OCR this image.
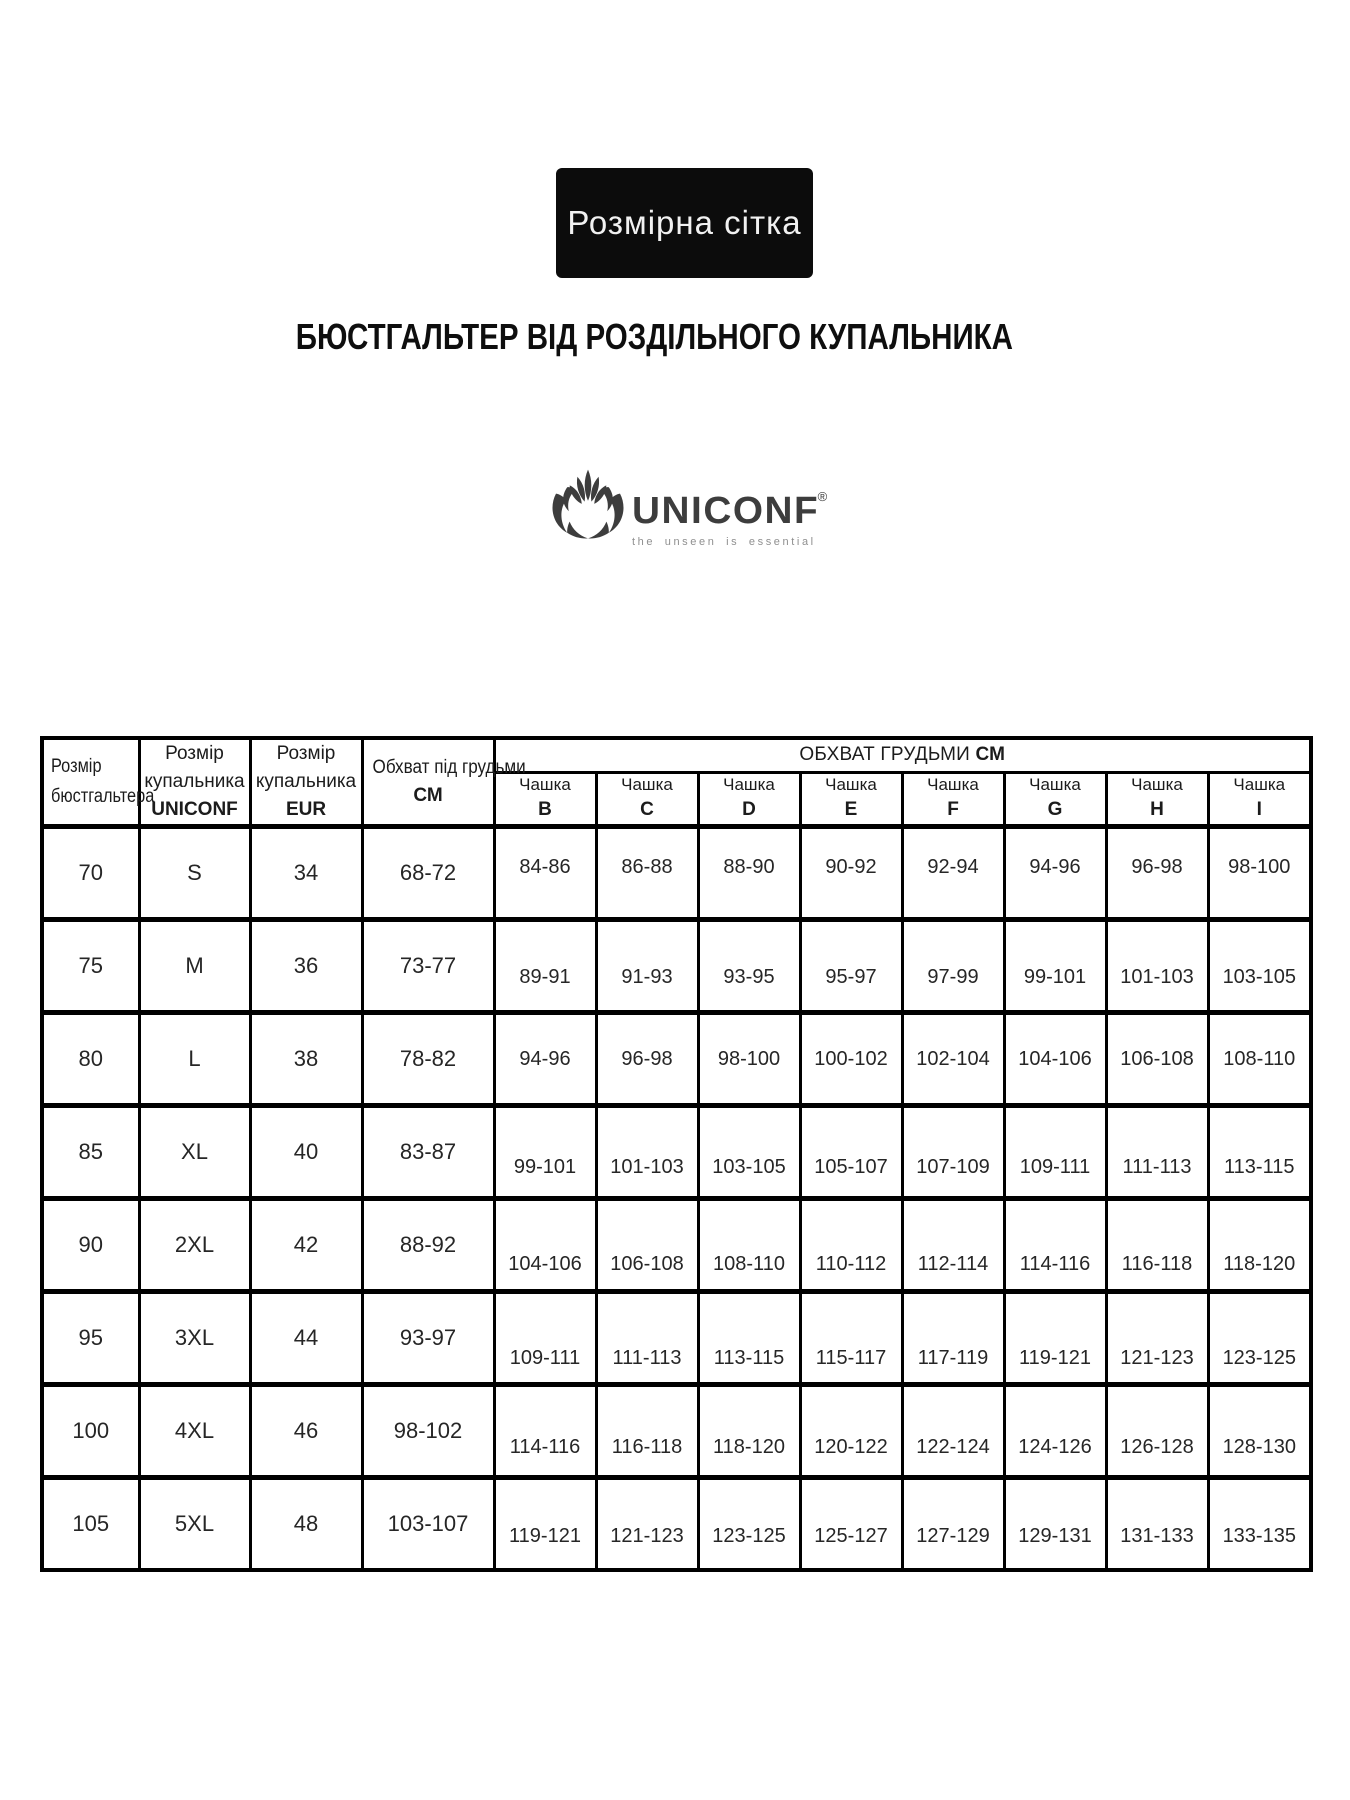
Розмірна сітка
БЮСТГАЛЬТЕР ВІД РОЗДІЛЬНОГО КУПАЛЬНИКА
UNICONF
®
the unseen is essential
Розмір
бюстгальтера

Розмір
купальника
UNICONF

Розмір
купальника
EUR
	Обхват під грудьми
СМ
	ОБХВАТ ГРУДЬМИ СМ

Чашка
B

Чашка
C

Чашка
D

Чашка
E

Чашка
F

Чашка
G

Чашка
H

Чашка
I

70	S	34	68-72	84-86	86-88	88-90	90-92	92-94	94-96	96-98	98-100
75	M	36	73-77	89-91	91-93	93-95	95-97	97-99	99-101	101-103	103-105
80	L	38	78-82	94-96	96-98	98-100	100-102	102-104	104-106	106-108	108-110
85	XL	40	83-87	99-101	101-103	103-105	105-107	107-109	109-111	111-113	113-115
90	2XL	42	88-92	104-106	106-108	108-110	110-112	112-114	114-116	116-118	118-120
95	3XL	44	93-97	109-111	111-113	113-115	115-117	117-119	119-121	121-123	123-125
100	4XL	46	98-102	114-116	116-118	118-120	120-122	122-124	124-126	126-128	128-130
105	5XL	48	103-107	119-121	121-123	123-125	125-127	127-129	129-131	131-133	133-135
